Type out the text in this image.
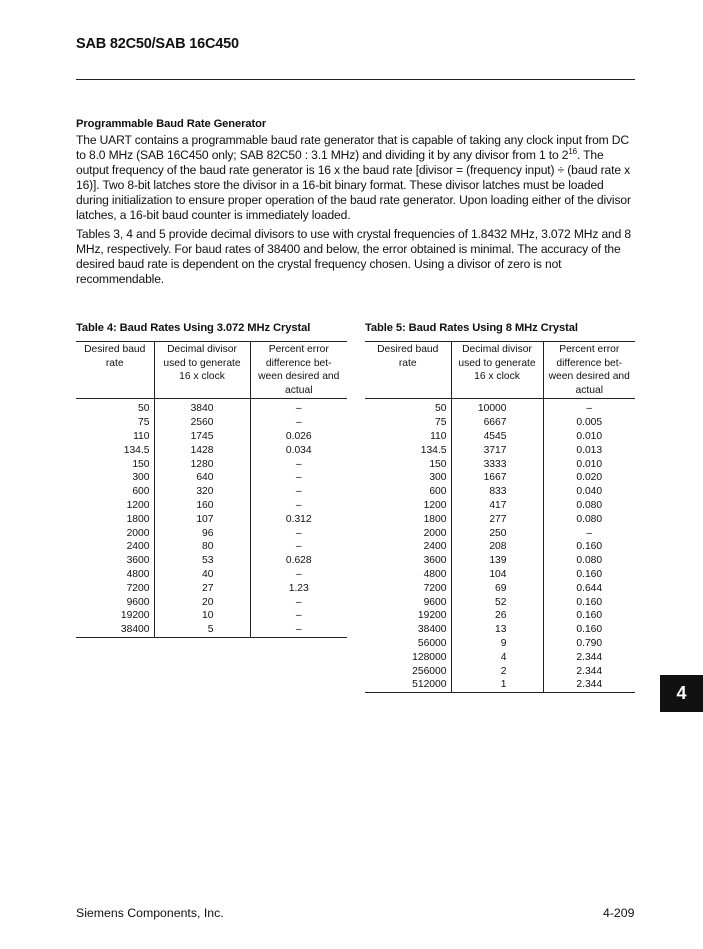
SAB 82C50/SAB 16C450
Programmable Baud Rate Generator

The UART contains a programmable baud rate generator that is capable of taking any clock input from DC to 8.0 MHz (SAB 16C450 only; SAB 82C50 : 3.1 MHz) and dividing it by any divisor from 1 to $2^{16}$. The output frequency of the baud rate generator is 16 x the baud rate [divisor = (frequency input) ÷ (baud rate x 16)]. Two 8-bit latches store the divisor in a 16-bit binary format. These divisor latches must be loaded during initialization to ensure proper operation of the baud rate generator. Upon loading either of the divisor latches, a 16-bit baud counter is immediately loaded.

Tables 3, 4 and 5 provide decimal divisors to use with crystal frequencies of 1.8432 MHz, 3.072 MHz and 8 MHz, respectively. For baud rates of 38400 and below, the error obtained is minimal. The accuracy of the desired baud rate is dependent on the crystal frequency chosen. Using a divisor of zero is not recommendable.

Table 4: Baud Rates Using 3.072 MHz Crystal
Desired baud rate	Decimal divisor used to generate 16 x clock	Percent error difference bet- ween desired and actual
50	3840	–
75	2560	–
110	1745	0.026
134.5	1428	0.034
150	1280	–
300	640	–
600	320	–
1200	160	–
1800	107	0.312
2000	96	–
2400	80	–
3600	53	0.628
4800	40	–
7200	27	1.23
9600	20	–
19200	10	–
38400	5	–
Table 5: Baud Rates Using 8 MHz Crystal
Desired baud rate	Decimal divisor used to generate 16 x clock	Percent error difference bet- ween desired and actual
50	10000	–
75	6667	0.005
110	4545	0.010
134.5	3717	0.013
150	3333	0.010
300	1667	0.020
600	833	0.040
1200	417	0.080
1800	277	0.080
2000	250	–
2400	208	0.160
3600	139	0.080
4800	104	0.160
7200	69	0.644
9600	52	0.160
19200	26	0.160
38400	13	0.160
56000	9	0.790
128000	4	2.344
256000	2	2.344
512000	1	2.344	4
Siemens Components, Inc.	4-209
